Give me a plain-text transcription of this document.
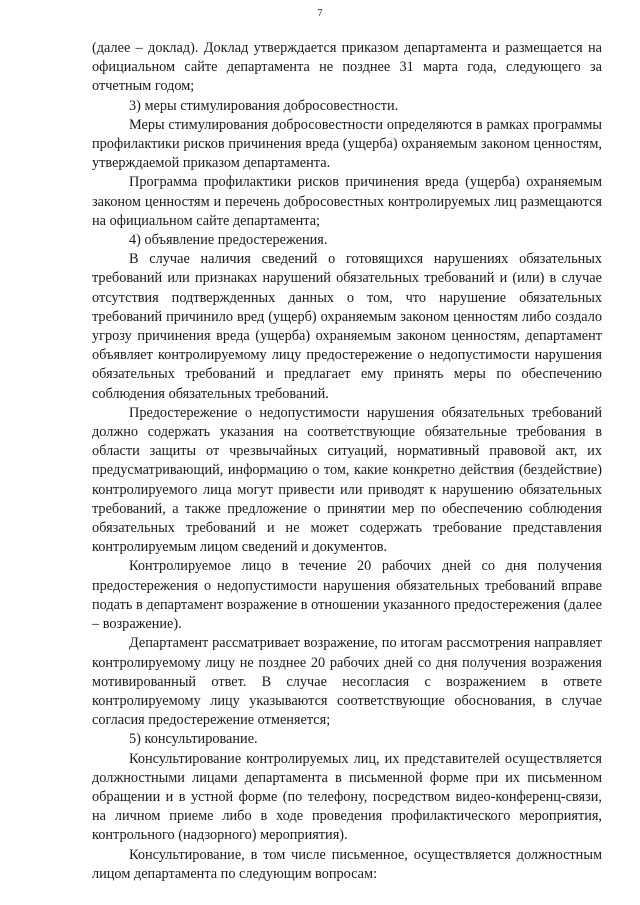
7

(далее – доклад). Доклад утверждается приказом департамента и размещается на официальном сайте департамента не позднее 31 марта года, следующего за отчетным годом;

3) меры стимулирования добросовестности.

Меры стимулирования добросовестности определяются в рамках программы профилактики рисков причинения вреда (ущерба) охраняемым законом ценностям, утверждаемой приказом департамента.

Программа профилактики рисков причинения вреда (ущерба) охраняемым законом ценностям и перечень добросовестных контролируемых лиц размещаются на официальном сайте департамента;

4) объявление предостережения.

В случае наличия сведений о готовящихся нарушениях обязательных требований или признаках нарушений обязательных требований и (или) в случае отсутствия подтвержденных данных о том, что нарушение обязательных требований причинило вред (ущерб) охраняемым законом ценностям либо создало угрозу причинения вреда (ущерба) охраняемым законом ценностям, департамент объявляет контролируемому лицу предостережение о недопустимости нарушения обязательных требований и предлагает ему принять меры по обеспечению соблюдения обязательных требований.

Предостережение о недопустимости нарушения обязательных требований должно содержать указания на соответствующие обязательные требования в области защиты от чрезвычайных ситуаций, нормативный правовой акт, их предусматривающий, информацию о том, какие конкретно действия (бездействие) контролируемого лица могут привести или приводят к нарушению обязательных требований, а также предложение о принятии мер по обеспечению соблюдения обязательных требований и не может содержать требование представления контролируемым лицом сведений и документов.

Контролируемое лицо в течение 20 рабочих дней со дня получения предостережения о недопустимости нарушения обязательных требований вправе подать в департамент возражение в отношении указанного предостережения (далее – возражение).

Департамент рассматривает возражение, по итогам рассмотрения направляет контролируемому лицу не позднее 20 рабочих дней со дня получения возражения мотивированный ответ. В случае несогласия с возражением в ответе контролируемому лицу указываются соответствующие обоснования, в случае согласия предостережение отменяется;

5) консультирование.

Консультирование контролируемых лиц, их представителей осуществляется должностными лицами департамента в письменной форме при их письменном обращении и в устной форме (по телефону, посредством видео-конференц-связи, на личном приеме либо в ходе проведения профилактического мероприятия, контрольного (надзорного) мероприятия).

Консультирование, в том числе письменное, осуществляется должностным лицом департамента по следующим вопросам:
